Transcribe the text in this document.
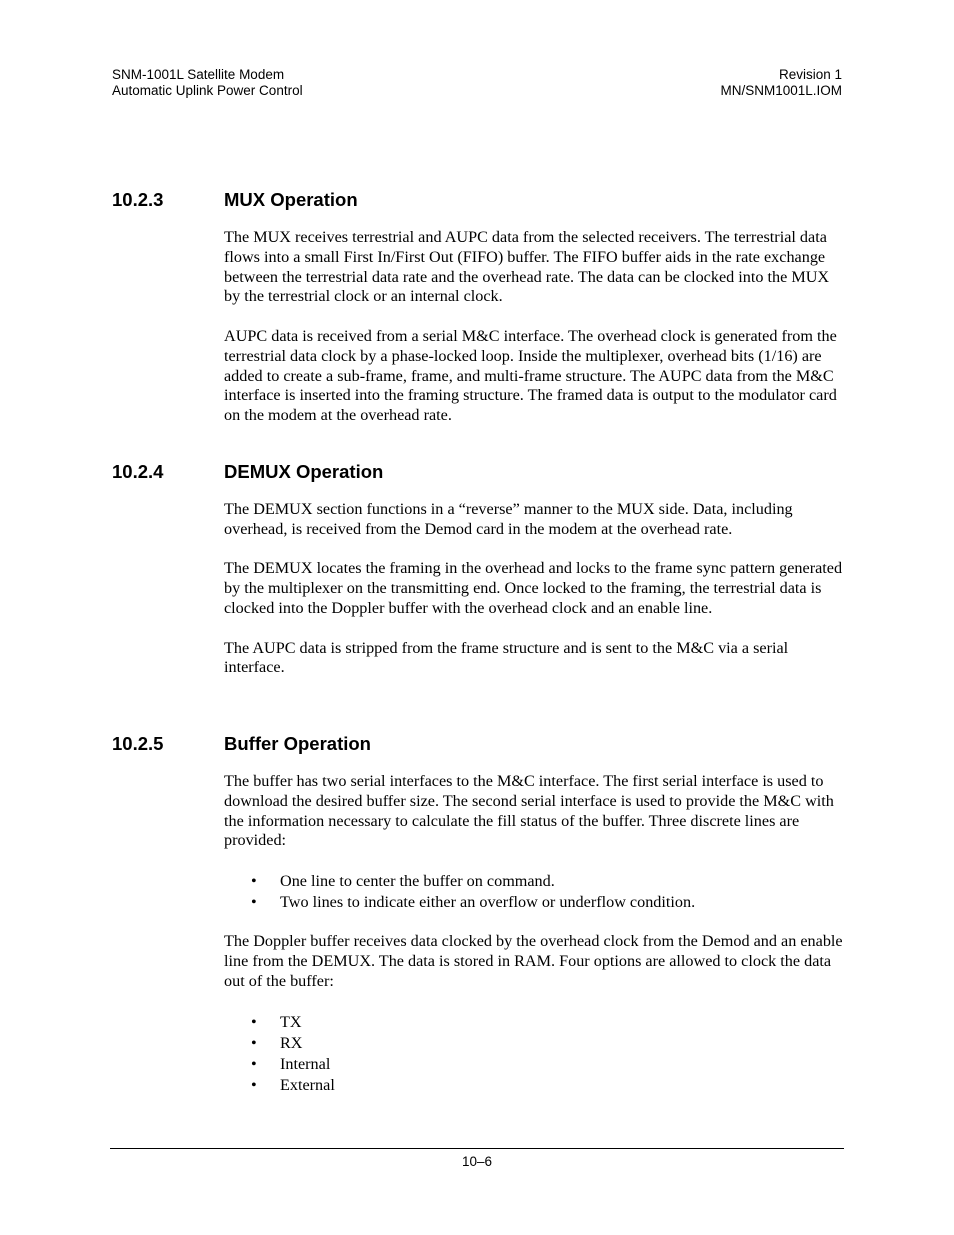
SNM-1001L Satellite Modem
Automatic Uplink Power Control
Revision 1
MN/SNM1001L.IOM
10.2.3	MUX Operation

The MUX receives terrestrial and AUPC data from the selected receivers. The terrestrial data flows into a small First In/First Out (FIFO) buffer. The FIFO buffer aids in the rate exchange between the terrestrial data rate and the overhead rate. The data can be clocked into the MUX by the terrestrial clock or an internal clock.

AUPC data is received from a serial M&C interface. The overhead clock is generated from the terrestrial data clock by a phase-locked loop. Inside the multiplexer, overhead bits (1/16) are added to create a sub-frame, frame, and multi-frame structure. The AUPC data from the M&C interface is inserted into the framing structure. The framed data is output to the modulator card on the modem at the overhead rate.

10.2.4	DEMUX Operation

The DEMUX section functions in a “reverse” manner to the MUX side. Data, including overhead, is received from the Demod card in the modem at the overhead rate.

The DEMUX locates the framing in the overhead and locks to the frame sync pattern generated by the multiplexer on the transmitting end. Once locked to the framing, the terrestrial data is clocked into the Doppler buffer with the overhead clock and an enable line.

The AUPC data is stripped from the frame structure and is sent to the M&C via a serial interface.

10.2.5	Buffer Operation

The buffer has two serial interfaces to the M&C interface. The first serial interface is used to download the desired buffer size. The second serial interface is used to provide the M&C with the information necessary to calculate the fill status of the buffer. Three discrete lines are provided:

• One line to center the buffer on command.
• Two lines to indicate either an overflow or underflow condition.

The Doppler buffer receives data clocked by the overhead clock from the Demod and an enable line from the DEMUX. The data is stored in RAM. Four options are allowed to clock the data out of the buffer:

• TX
• RX
• Internal
• External
10–6
